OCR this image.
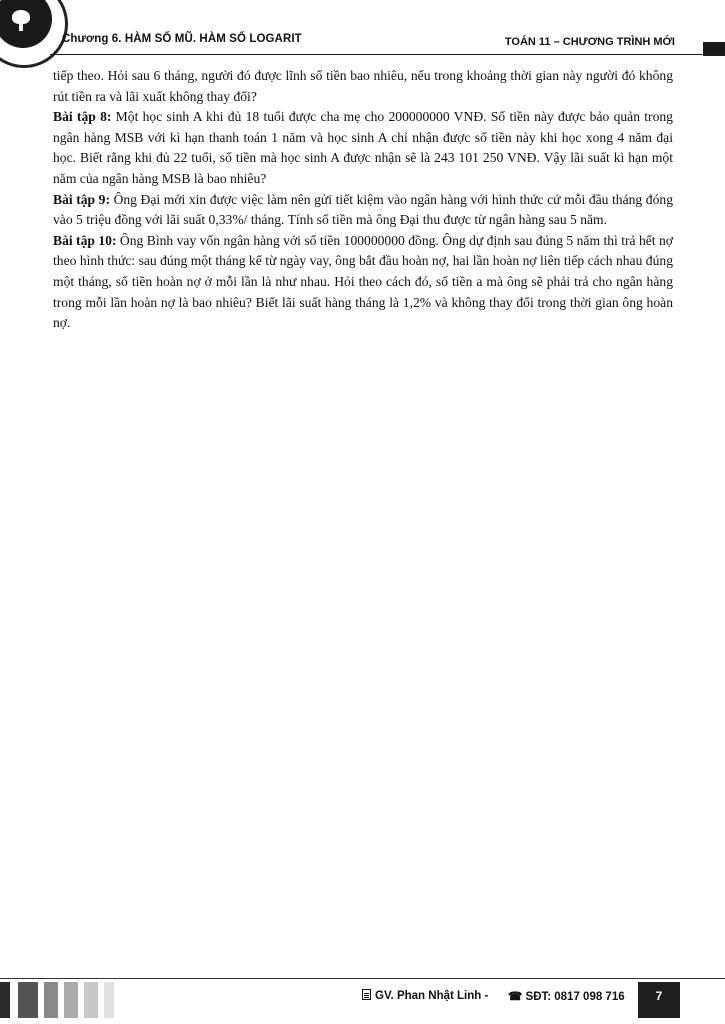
Chương 6. HÀM SỐ MŨ. HÀM SỐ LOGARIT	TOÁN 11 – CHƯƠNG TRÌNH MỚI

tiếp theo. Hỏi sau 6 tháng, người đó được lĩnh số tiền bao nhiêu, nếu trong khoảng thời gian này người đó không rút tiền ra và lãi xuất không thay đổi?

Bài tập 8: Một học sinh A khi đủ 18 tuổi được cha mẹ cho 200000000 VNĐ. Số tiền này được bảo quản trong ngân hàng MSB với kì hạn thanh toán 1 năm và học sinh A chỉ nhận được số tiền này khi học xong 4 năm đại học. Biết rằng khi đủ 22 tuổi, số tiền mà học sinh A được nhận sẽ là 243 101 250 VNĐ. Vậy lãi suất kì hạn một năm của ngân hàng MSB là bao nhiêu?

Bài tập 9: Ông Đại mới xin được việc làm nên gửi tiết kiệm vào ngân hàng với hình thức cứ mỗi đầu tháng đóng vào 5 triệu đồng với lãi suất 0,33%/ tháng. Tính số tiền mà ông Đại thu được từ ngân hàng sau 5 năm.

Bài tập 10: Ông Bình vay vốn ngân hàng với số tiền 100000000 đồng. Ông dự định sau đúng 5 năm thì trả hết nợ theo hình thức: sau đúng một tháng kể từ ngày vay, ông bắt đầu hoàn nợ, hai lần hoàn nợ liên tiếp cách nhau đúng một tháng, số tiền hoàn nợ ở mỗi lần là như nhau. Hỏi theo cách đó, số tiền a mà ông sẽ phải trả cho ngân hàng trong mỗi lần hoàn nợ là bao nhiêu? Biết lãi suất hàng tháng là 1,2% và không thay đổi trong thời gian ông hoàn nợ.

GV. Phan Nhật Linh - ☎ SĐT: 0817 098 716	7
